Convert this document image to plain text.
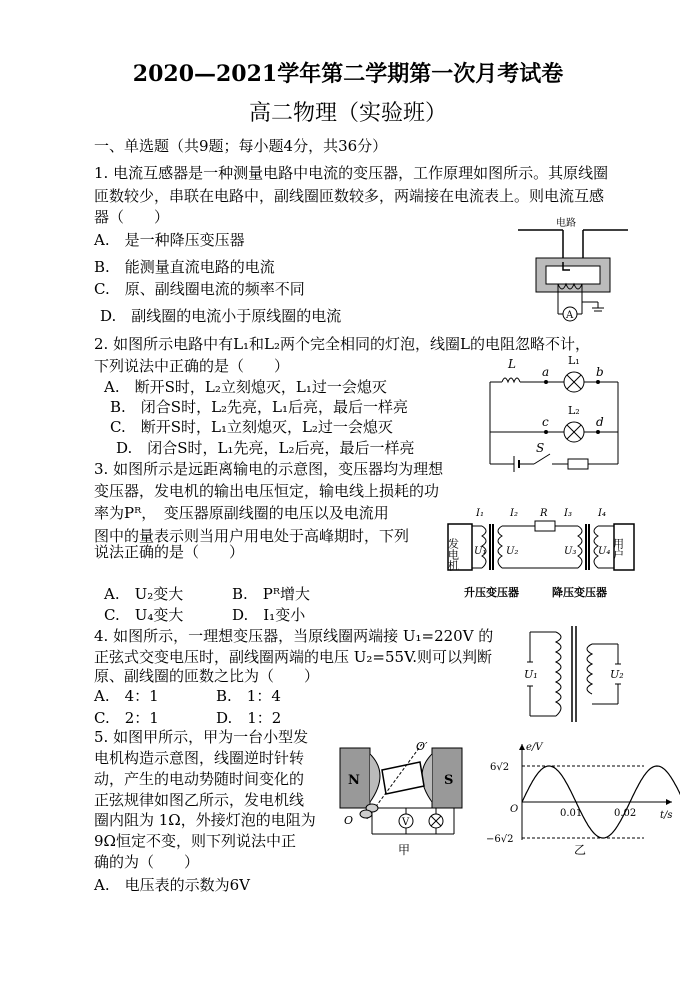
2020—2021学年第二学期第一次月考试卷
高二物理（实验班）
一、单选题（共9题；每小题4分，共36分）
1. 电流互感器是一种测量电路中电流的变压器，工作原理如图所示。其原线圈
匝数较少，串联在电路中，副线圈匝数较多，两端接在电流表上。则电流互感
器（　　）
A.　是一种降压变压器
B.　能测量直流电路的电流
C.　原、副线圈电流的频率不同
D.　副线圈的电流小于原线圈的电流
电路
A
2. 如图所示电路中有L₁和L₂两个完全相同的灯泡，线圈L的电阻忽略不计，
下列说法中正确的是（　　）
A.　断开S时，L₂立刻熄灭，L₁过一会熄灭
B.　闭合S时，L₂先亮，L₁后亮，最后一样亮
C.　断开S时，L₁立刻熄灭，L₂过一会熄灭
D.　闭合S时，L₁先亮，L₂后亮，最后一样亮
L
a
L₁
b
c
L₂
d
S
3. 如图所示是远距离输电的示意图，变压器均为理想
变压器，发电机的输出电压恒定，输电线上损耗的功
率为Pᴿ，　变压器原副线圈的电压以及电流用
图中的量表示则当用户用电处于高峰期时，下列
说法正确的是（　　）
A.　U₂变大	B.　Pᴿ增大
C.　U₄变大	D.　I₁变小
发电机 U₁ U₂
I₁	I₂ R I₃
U₃ U₄
I₄
用户
升压变压器	降压变压器
4. 如图所示，一理想变压器，当原线圈两端接 U₁=220V 的
正弦式交变电压时，副线圈两端的电压 U₂=55V.则可以判断
原、副线圈的匝数之比为（　　）
A.　4：1	B.　1：4
C.　2：1	D.　1：2
U₁	U₂
5. 如图甲所示，甲为一台小型发
电机构造示意图，线圈逆时针转
动，产生的电动势随时间变化的
正弦规律如图乙所示，发电机线
圈内阻为 1Ω，外接灯泡的电阻为
9Ω恒定不变，则下列说法中正
确的为（　　）
A.　电压表的示数为6V
N	S
O′
O	V
甲
e/V
t/s
O
6√2
−6√2
0.01	0.02
乙
